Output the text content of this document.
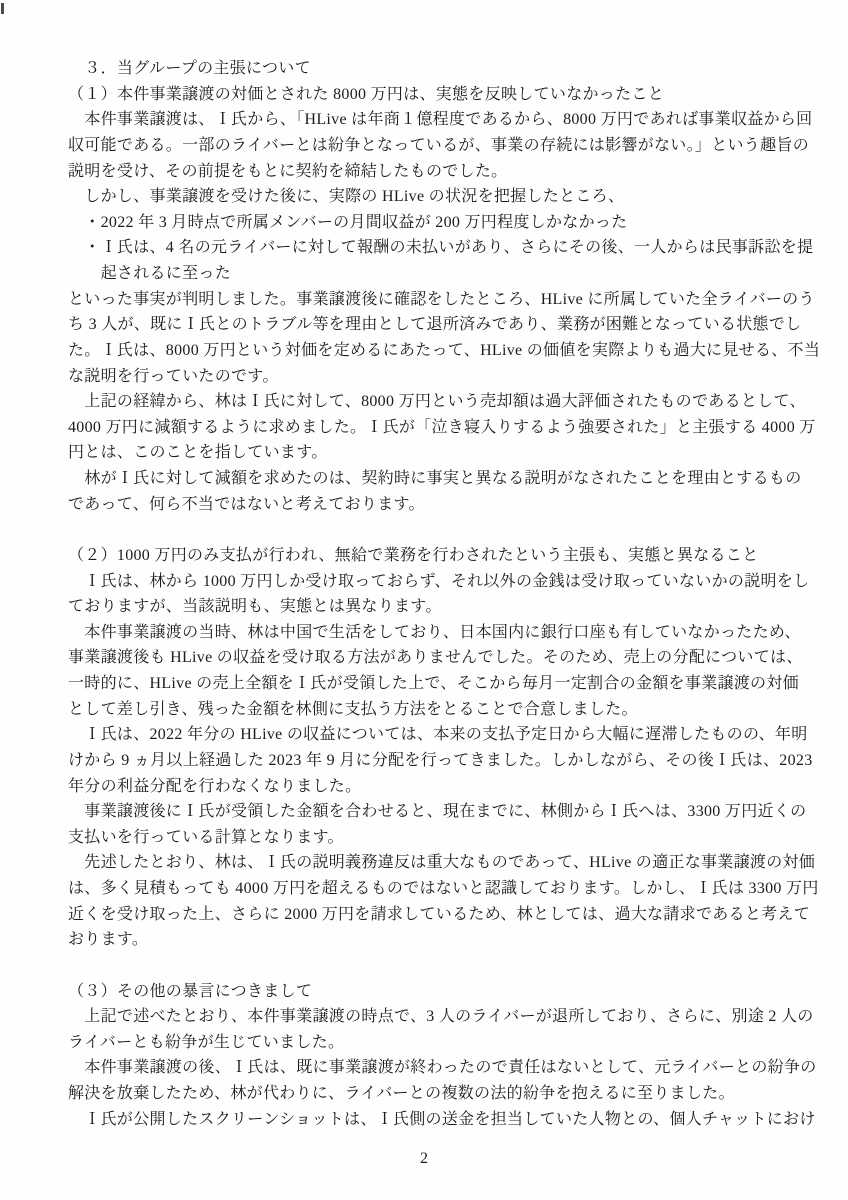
　３．当グループの主張について
（１）本件事業譲渡の対価とされた 8000 万円は、実態を反映していなかったこと
　本件事業譲渡は、Ｉ氏から、「HLive は年商１億程度であるから、8000 万円であれば事業収益から回
収可能である。一部のライバーとは紛争となっているが、事業の存続には影響がない。」という趣旨の
説明を受け、その前提をもとに契約を締結したものでした。
　しかし、事業譲渡を受けた後に、実際の HLive の状況を把握したところ、
　・2022 年 3 月時点で所属メンバーの月間収益が 200 万円程度しかなかった
　・Ｉ氏は、4 名の元ライバーに対して報酬の未払いがあり、さらにその後、一人からは民事訴訟を提
　　起されるに至った
といった事実が判明しました。事業譲渡後に確認をしたところ、HLive に所属していた全ライバーのう
ち 3 人が、既にＩ氏とのトラブル等を理由として退所済みであり、業務が困難となっている状態でし
た。Ｉ氏は、8000 万円という対価を定めるにあたって、HLive の価値を実際よりも過大に見せる、不当
な説明を行っていたのです。
　上記の経緯から、林はＩ氏に対して、8000 万円という売却額は過大評価されたものであるとして、
4000 万円に減額するように求めました。Ｉ氏が「泣き寝入りするよう強要された」と主張する 4000 万
円とは、このことを指しています。
　林がＩ氏に対して減額を求めたのは、契約時に事実と異なる説明がなされたことを理由とするもの
であって、何ら不当ではないと考えております。
（２）1000 万円のみ支払が行われ、無給で業務を行わされたという主張も、実態と異なること
　Ｉ氏は、林から 1000 万円しか受け取っておらず、それ以外の金銭は受け取っていないかの説明をし
ておりますが、当該説明も、実態とは異なります。
　本件事業譲渡の当時、林は中国で生活をしており、日本国内に銀行口座も有していなかったため、
事業譲渡後も HLive の収益を受け取る方法がありませんでした。そのため、売上の分配については、
一時的に、HLive の売上全額をＩ氏が受領した上で、そこから毎月一定割合の金額を事業譲渡の対価
として差し引き、残った金額を林側に支払う方法をとることで合意しました。
　Ｉ氏は、2022 年分の HLive の収益については、本来の支払予定日から大幅に遅滞したものの、年明
けから 9 ヵ月以上経過した 2023 年 9 月に分配を行ってきました。しかしながら、その後Ｉ氏は、2023
年分の利益分配を行わなくなりました。
　事業譲渡後にＩ氏が受領した金額を合わせると、現在までに、林側からＩ氏へは、3300 万円近くの
支払いを行っている計算となります。
　先述したとおり、林は、Ｉ氏の説明義務違反は重大なものであって、HLive の適正な事業譲渡の対価
は、多く見積もっても 4000 万円を超えるものではないと認識しております。しかし、Ｉ氏は 3300 万円
近くを受け取った上、さらに 2000 万円を請求しているため、林としては、過大な請求であると考えて
おります。
（３）その他の暴言につきまして
　上記で述べたとおり、本件事業譲渡の時点で、3 人のライバーが退所しており、さらに、別途 2 人の
ライバーとも紛争が生じていました。
　本件事業譲渡の後、Ｉ氏は、既に事業譲渡が終わったので責任はないとして、元ライバーとの紛争の
解決を放棄したため、林が代わりに、ライバーとの複数の法的紛争を抱えるに至りました。
　Ｉ氏が公開したスクリーンショットは、Ｉ氏側の送金を担当していた人物との、個人チャットにおけ
2
